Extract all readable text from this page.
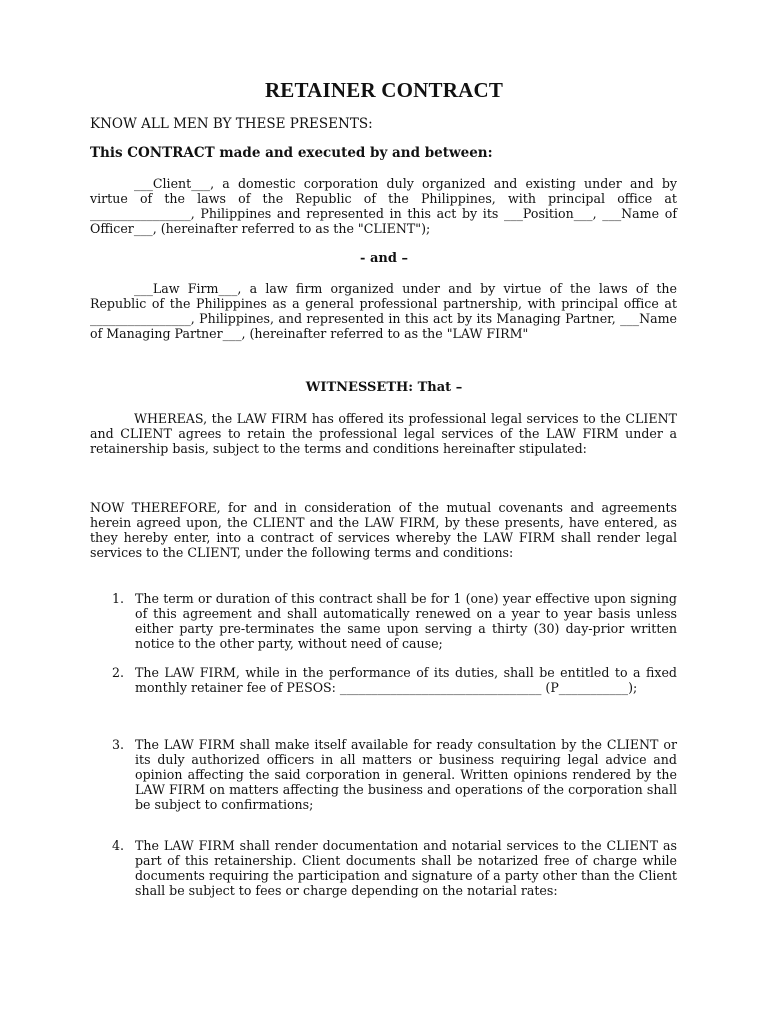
RETAINER CONTRACT
KNOW ALL MEN BY THESE PRESENTS:
This CONTRACT made and executed by and between:
___Client___, a domestic corporation duly organized and existing under and by virtue of the laws of the Republic of the Philippines, with principal office at ________________, Philippines and represented in this act by its ___Position___, ___Name of Officer___, (hereinafter referred to as the "CLIENT");
- and –
___Law Firm___, a law firm organized under and by virtue of the laws of the Republic of the Philippines as a general professional partnership, with principal office at ________________, Philippines, and represented in this act by its Managing Partner, ___Name of Managing Partner___, (hereinafter referred to as the "LAW FIRM"
WITNESSETH: That –
WHEREAS, the LAW FIRM has offered its professional legal services to the CLIENT and CLIENT agrees to retain the professional legal services of the LAW FIRM under a retainership basis, subject to the terms and conditions hereinafter stipulated:
NOW THEREFORE, for and in consideration of the mutual covenants and agreements herein agreed upon, the CLIENT and the LAW FIRM, by these presents, have entered, as they hereby enter, into a contract of services whereby the LAW FIRM shall render legal services to the CLIENT, under the following terms and conditions:
1. The term or duration of this contract shall be for 1 (one) year effective upon signing of this agreement and shall automatically renewed on a year to year basis unless either party pre-terminates the same upon serving a thirty (30) day-prior written notice to the other party, without need of cause;
2. The LAW FIRM, while in the performance of its duties, shall be entitled to a fixed monthly retainer fee of PESOS: ________________________________ (P___________);
3. The LAW FIRM shall make itself available for ready consultation by the CLIENT or its duly authorized officers in all matters or business requiring legal advice and opinion affecting the said corporation in general. Written opinions rendered by the LAW FIRM on matters affecting the business and operations of the corporation shall be subject to confirmations;
4. The LAW FIRM shall render documentation and notarial services to the CLIENT as part of this retainership. Client documents shall be notarized free of charge while documents requiring the participation and signature of a party other than the Client shall be subject to fees or charge depending on the notarial rates:
